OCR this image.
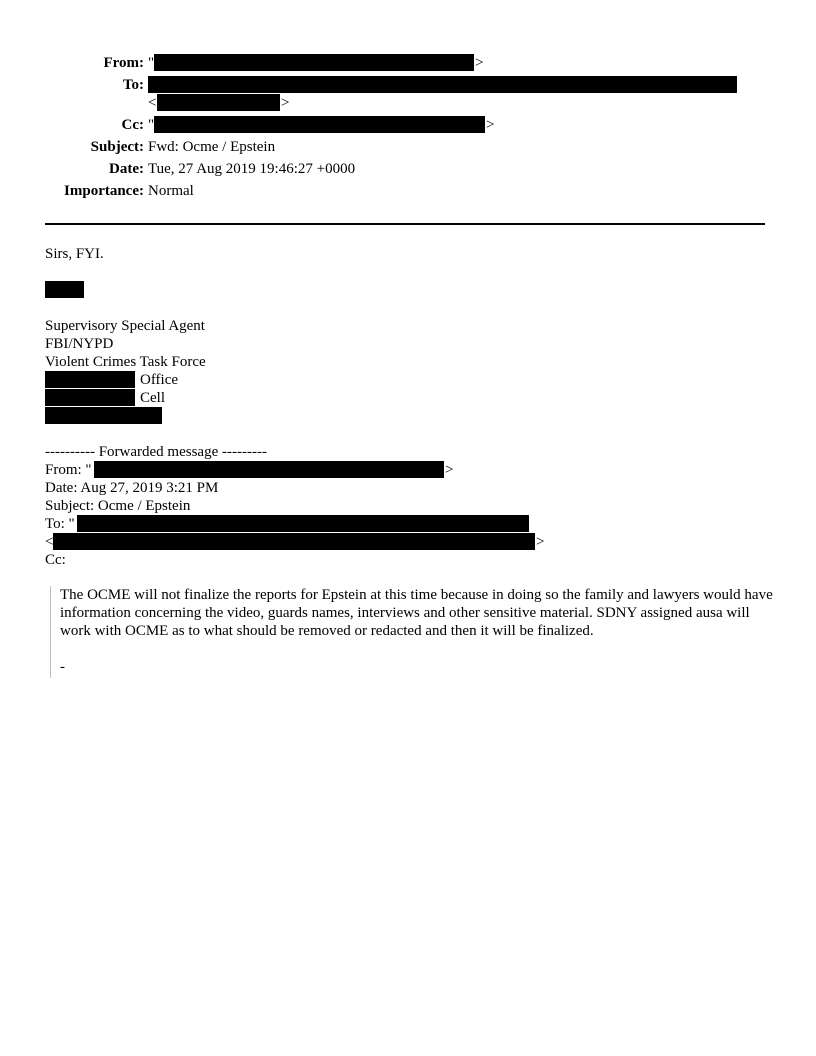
From: "	>
To:
<	>
Cc: "	>
Subject: Fwd: Ocme / Epstein
Date: Tue, 27 Aug 2019 19:46:27 +0000
Importance: Normal
Sirs, FYI.
Supervisory Special Agent
FBI/NYPD
Violent Crimes Task Force
Office
Cell
---------- Forwarded message ---------
From: "	>
Date: Aug 27, 2019 3:21 PM
Subject: Ocme / Epstein
To: "
<	>
Cc:

The OCME will not finalize the reports for Epstein at this time because in doing so the family and lawyers would have information concerning the video, guards names, interviews and other sensitive material. SDNY assigned ausa will work with OCME as to what should be removed or redacted and then it will be finalized.

-
